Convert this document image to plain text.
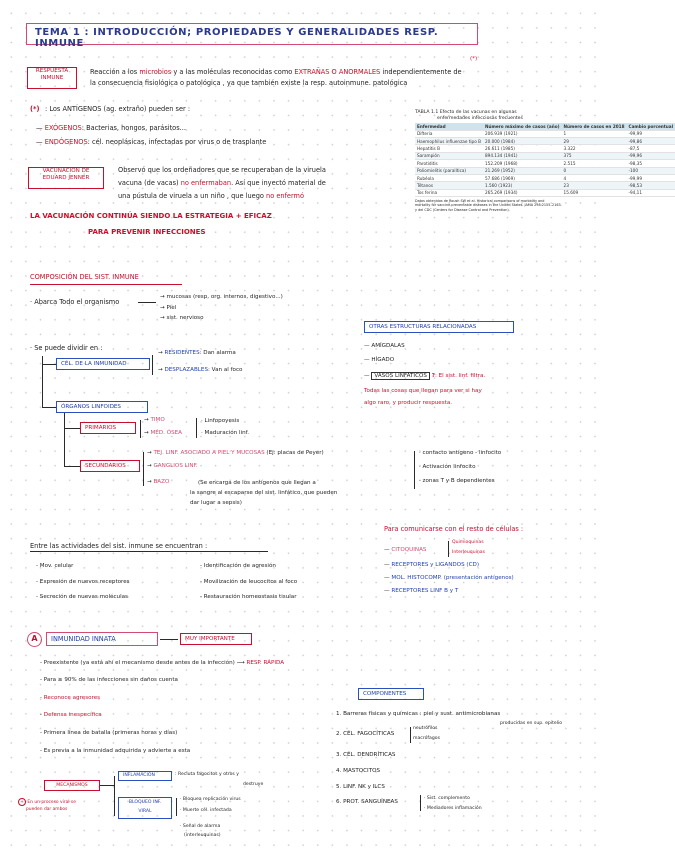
TEMA 1 : INTRODUCCIÓN; PROPIEDADES Y GENERALIDADES RESP. INMUNE
RESPUESTA
INMUNE
Reacción a los microbios y a las moléculas reconocidas como EXTRAÑAS O ANORMALES independientemente de
la consecuencia fisiológica o patológica , ya que también existe la resp. autoinmune. patológica
(*)
(*) : Los ANTÍGENOS (ag. extraño) pueden ser :
— EXÓGENOS: Bacterias, hongos, parásitos...
— ENDÓGENOS: cél. neoplásicas, infectadas por virus o de trasplante
VACUNACIÓN DE
EDUARD JENNER
Observó que los ordeñadores que se recuperaban de la viruela
vacuna (de vacas) no enfermaban. Así que inyectó material de
una pústula de viruela a un niño , que luego no enfermó
LA VACUNACIÓN CONTINÚA SIENDO LA ESTRATEGIA + EFICAZ
PARA PREVENIR INFECCIONES
TABLA 1.1 Efecto de las vacunas en algunas
enfermedades infecciosas frecuentes
Enfermedad	Número máximo de casos (año)	Número de casos en 2018	Cambio porcentual
Difteria	206.939 (1921)	1	-99,99
Haemophilus influenzae tipo B	20.000 (1984)	29	-99,86
Hepatitis B	26.611 (1985)	3.322	-87,5
Sarampión	894.134 (1941)	375	-99,96
Parotiditis	152.209 (1968)	2.515	-98,35
Poliomielitis (paralítica)	21.269 (1952)	0	-100
Rubéola	57.686 (1969)	4	-99,99
Tétanos	1.560 (1923)	23	-98,53
Tos ferina	265.269 (1934)	15.609	-94,11
Datos obtenidos de Roush SW et al. Historical comparisons of morbidity and
mortality for vaccine-preventable diseases in the United States. JAMA 298:2155–2163.
y del CDC (Centers for Disease Control and Prevention).
COMPOSICIÓN DEL SIST. INMUNE
· Abarca Todo el organismo
→ mucosas (resp, org. internos, digestivo...)
→ Piel
→ sist. nervioso
· Se puede dividir en :
CÉL. DE LA INMUNIDAD
→ RESIDENTES: Dan alarma
→ DESPLAZABLES: Van al foco
ÓRGANOS LINFOIDES
PRIMARIOS
→ TIMO
→ MÉD. ÓSEA
· Linfopoyesis
· Maduración linf.
SECUNDARIOS
→ TEJ. LINF. ASOCIADO A PIEL Y MUCOSAS (Ej: placas de Peyer)
→ GANGLIOS LINF.
→ BAZO	(Se encarga de los antígenos que llegan a
la sangre al escaparse del sist. linfático, que pueden
dar lugar a sepsis)
· contacto antígeno - linfocito
· Activación linfocito
· zonas T y B dependientes
OTRAS ESTRUCTURAS RELACIONADAS
— AMÍGDALAS
— HÍGADO
— VASOS LINFÁTICOS ?: El sist. linf. filtra.
Todas las cosas que llegan para ver si hay
algo raro, y producir respuesta.
Para comunicarse con el resto de células :
— CITOQUINAS
Quimioquinas
Interleuquinas
— RECEPTORES y LIGANDOS (CD)
— MOL. HISTOCOMP. (presentación antígenos)
— RECEPTORES LINF B y T
Entre las actividades del sist. inmune se encuentran :
- Mov. celular
- Expresión de nuevos receptores
- Secreción de nuevas moléculas
- Identificación de agresión
- Movilización de leucocitos al foco
- Restauración homeostasis tisular
A	INMUNIDAD INNATA	MUY IMPORTANTE
- Preexistente (ya está ahí el mecanismo desde antes de la infección) ⟶ RESP. RÁPIDA
- Para ≥ 90% de las infecciones sin daños cuenta
- Reconoce agresores
- Defensa inespecífica
- Primera línea de batalla (primeras horas y días)
- Es previa a la inmunidad adquirida y advierte a esta
COMPONENTES
1. Barreras físicas y químicas : piel y sust. antimicrobianas
producidas en sup. epitelio
2. CÉL. FAGOCÍTICAS
neutrófilos
macrófagos
3. CÉL. DENDRÍTICAS
4. MASTOCITOS
5. LINF. NK y ILCS
6. PROT. SANGUÍNEAS
· Sist. complemento
· Mediadores inflamación
MECANISMOS
INFLAMACIÓN	: Recluta fagocitos y otros y
destruye
BLOQUEO INF.
VIRAL
· Bloquea replicación virus
· Muerte cél. infectada
· Señal de alarma
(interleuquinas)
+ En un proceso viral se
pueden dar ambos
